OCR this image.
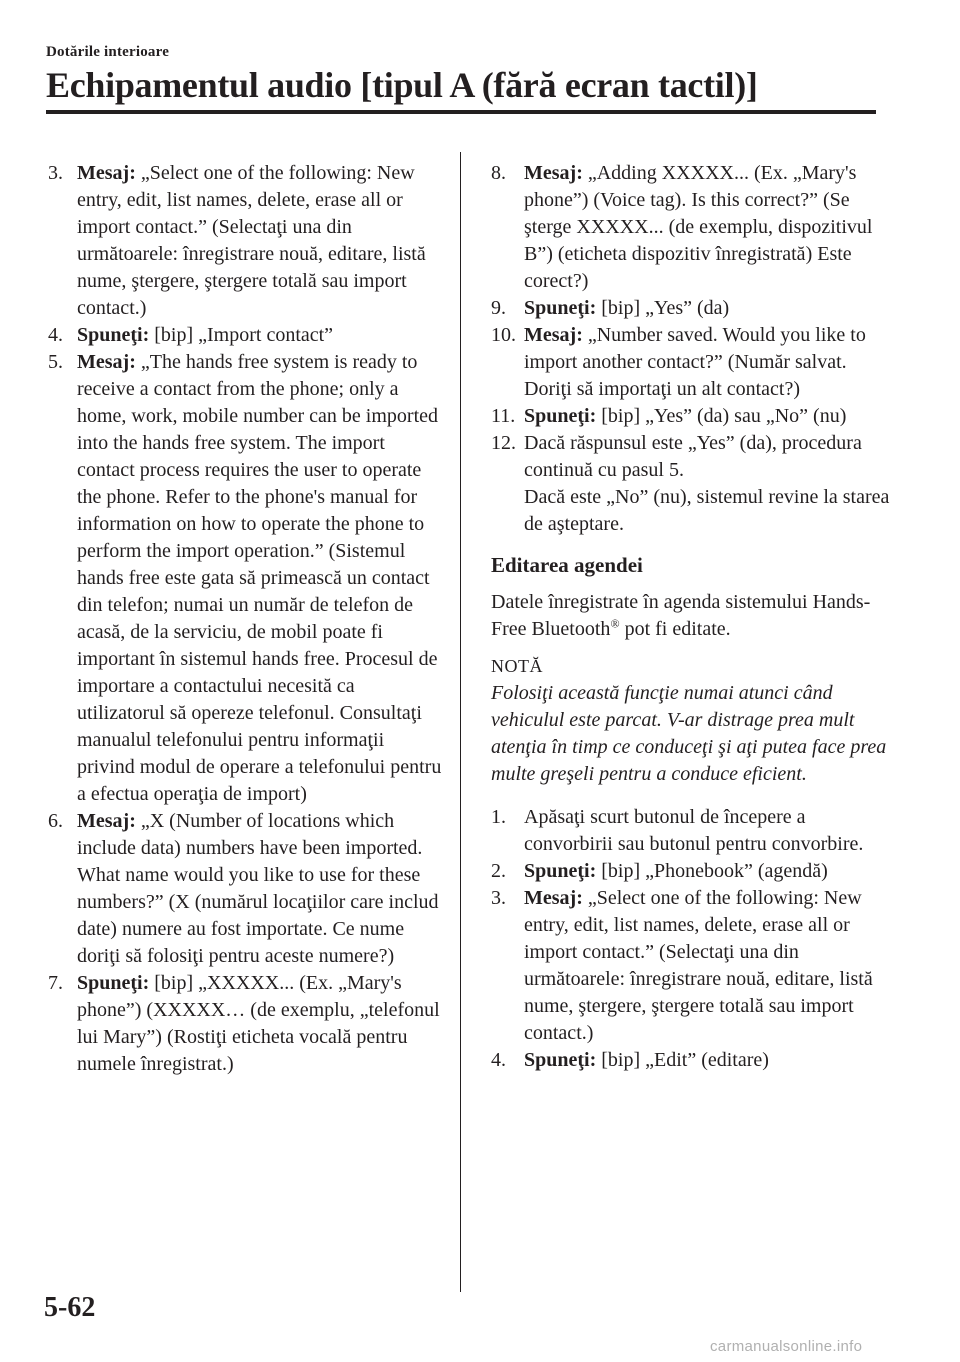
Dotările interioare
Echipamentul audio [tipul A (fără ecran tactil)]
3. Mesaj: „Select one of the following: New entry, edit, list names, delete, erase all or import contact.” (Selectaţi una din următoarele: înregistrare nouă, editare, listă nume, ştergere, ştergere totală sau import contact.)
4. Spuneţi: [bip] „Import contact”
5. Mesaj: „The hands free system is ready to receive a contact from the phone; only a home, work, mobile number can be imported into the hands free system. The import contact process requires the user to operate the phone. Refer to the phone's manual for information on how to operate the phone to perform the import operation.” (Sistemul hands free este gata să primească un contact din telefon; numai un număr de telefon de acasă, de la serviciu, de mobil poate fi important în sistemul hands free. Procesul de importare a contactului necesită ca utilizatorul să opereze telefonul. Consultaţi manualul telefonului pentru informaţii privind modul de operare a telefonului pentru a efectua operaţia de import)
6. Mesaj: „X (Number of locations which include data) numbers have been imported. What name would you like to use for these numbers?” (X (numărul locaţiilor care includ date) numere au fost importate. Ce nume doriţi să folosiţi pentru aceste numere?)
7. Spuneţi: [bip] „XXXXX... (Ex. „Mary's phone”) (XXXXX… (de exemplu, „telefonul lui Mary”) (Rostiţi eticheta vocală pentru numele înregistrat.)
8. Mesaj: „Adding XXXXX... (Ex. „Mary's phone”) (Voice tag). Is this correct?” (Se şterge XXXXX... (de exemplu, dispozitivul B”) (eticheta dispozitiv înregistrată) Este corect?)
9. Spuneţi: [bip] „Yes” (da)
10. Mesaj: „Number saved. Would you like to import another contact?” (Număr salvat. Doriţi să importaţi un alt contact?)
11. Spuneţi: [bip] „Yes” (da) sau „No” (nu)
12. Dacă răspunsul este „Yes” (da), procedura continuă cu pasul 5.
Dacă este „No” (nu), sistemul revine la starea de aşteptare.
Editarea agendei
Datele înregistrate în agenda sistemului Hands-Free Bluetooth® pot fi editate.
NOTĂ
Folosiţi această funcţie numai atunci când vehiculul este parcat. V-ar distrage prea mult atenţia în timp ce conduceţi şi aţi putea face prea multe greşeli pentru a conduce eficient.
1. Apăsaţi scurt butonul de începere a convorbirii sau butonul pentru convorbire.
2. Spuneţi: [bip] „Phonebook” (agendă)
3. Mesaj: „Select one of the following: New entry, edit, list names, delete, erase all or import contact.” (Selectaţi una din următoarele: înregistrare nouă, editare, listă nume, ştergere, ştergere totală sau import contact.)
4. Spuneţi: [bip] „Edit” (editare)
5-62
carmanualsonline.info
